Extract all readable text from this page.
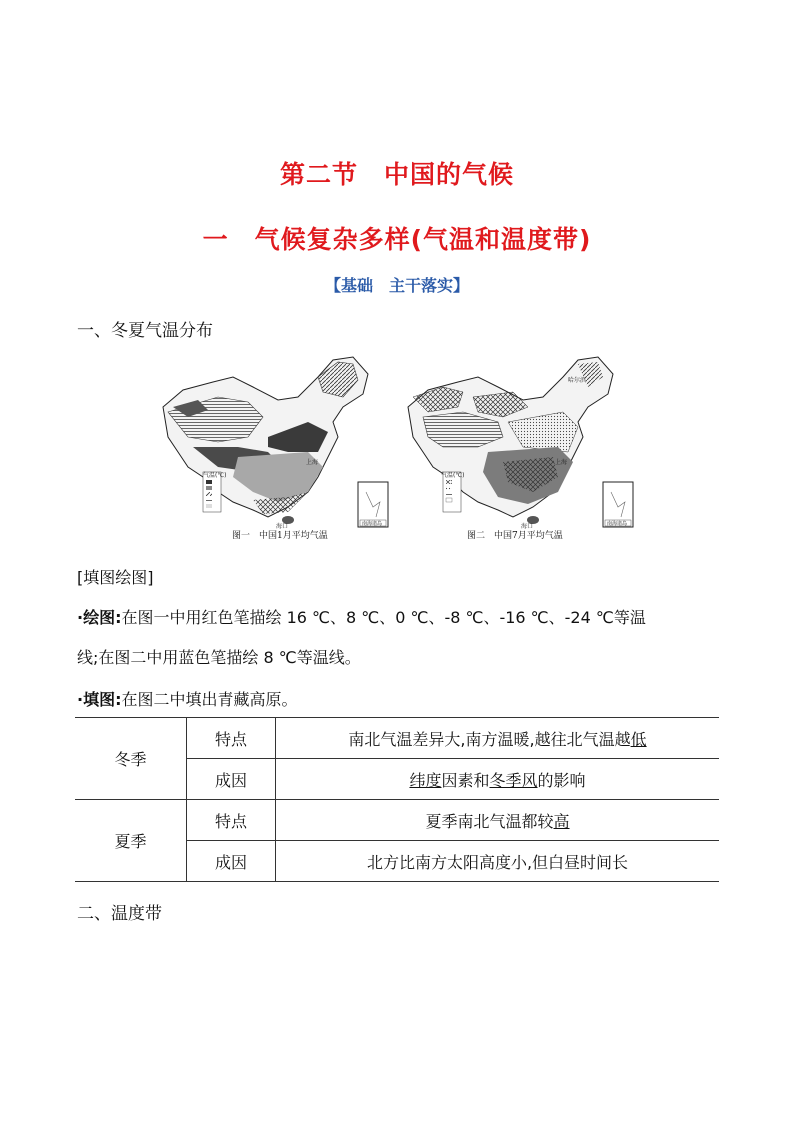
第二节　中国的气候
一　气候复杂多样(气温和温度带)
【基础　主干落实】
一、冬夏气温分布
气温(℃)
上海
海口	南海诸岛
气温(℃)
哈尔滨
上海
海口	南海诸岛
图一　中国1月平均气温	图二　中国7月平均气温
[填图绘图]
·绘图:在图一中用红色笔描绘 16 ℃、8 ℃、0 ℃、-8 ℃、-16 ℃、-24 ℃等温
线;在图二中用蓝色笔描绘 8 ℃等温线。
·填图:在图二中填出青藏高原。
冬季	特点	南北气温差异大,南方温暖,越往北气温越低
	成因	纬度因素和冬季风的影响
夏季	特点	夏季南北气温都较高
	成因	北方比南方太阳高度小,但白昼时间长
二、温度带
